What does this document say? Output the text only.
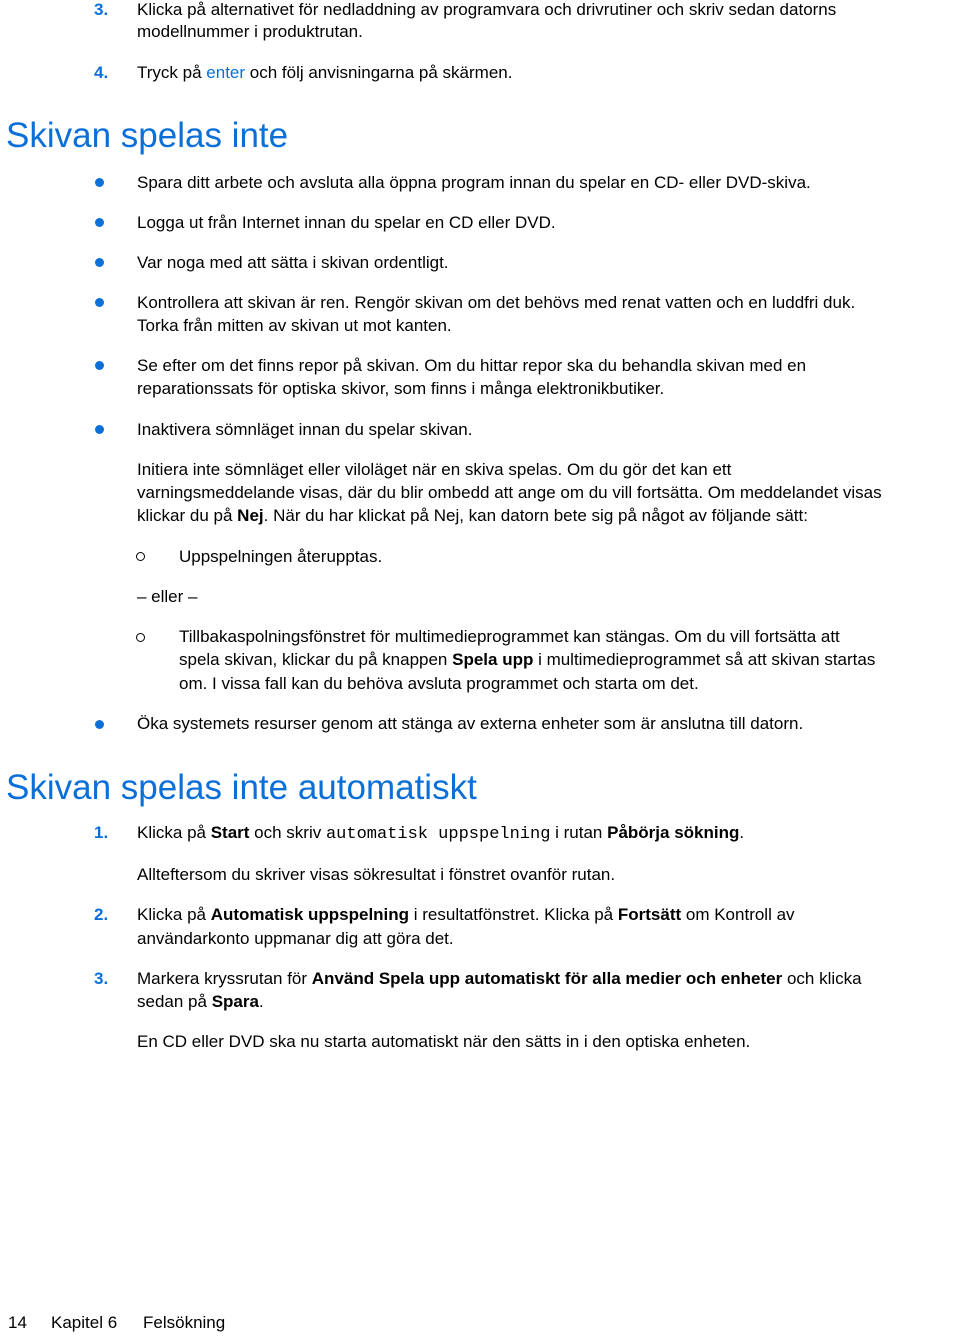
3. Klicka på alternativet för nedladdning av programvara och drivrutiner och skriv sedan datorns
modellnummer i produktrutan.
4. Tryck på enter och följ anvisningarna på skärmen.
Skivan spelas inte
Spara ditt arbete och avsluta alla öppna program innan du spelar en CD- eller DVD-skiva.
Logga ut från Internet innan du spelar en CD eller DVD.
Var noga med att sätta i skivan ordentligt.
Kontrollera att skivan är ren. Rengör skivan om det behövs med renat vatten och en luddfri duk.
Torka från mitten av skivan ut mot kanten.
Se efter om det finns repor på skivan. Om du hittar repor ska du behandla skivan med en
reparationssats för optiska skivor, som finns i många elektronikbutiker.
Inaktivera sömnläget innan du spelar skivan.
Initiera inte sömnläget eller viloläget när en skiva spelas. Om du gör det kan ett
varningsmeddelande visas, där du blir ombedd att ange om du vill fortsätta. Om meddelandet visas
klickar du på Nej. När du har klickat på Nej, kan datorn bete sig på något av följande sätt:
Uppspelningen återupptas.
– eller –
Tillbakaspolningsfönstret för multimedieprogrammet kan stängas. Om du vill fortsätta att
spela skivan, klickar du på knappen Spela upp i multimedieprogrammet så att skivan startas
om. I vissa fall kan du behöva avsluta programmet och starta om det.
Öka systemets resurser genom att stänga av externa enheter som är anslutna till datorn.
Skivan spelas inte automatiskt
1. Klicka på Start och skriv automatisk uppspelning i rutan Påbörja sökning.
Allteftersom du skriver visas sökresultat i fönstret ovanför rutan.
2. Klicka på Automatisk uppspelning i resultatfönstret. Klicka på Fortsätt om Kontroll av
användarkonto uppmanar dig att göra det.
3. Markera kryssrutan för Använd Spela upp automatiskt för alla medier och enheter och klicka
sedan på Spara.
En CD eller DVD ska nu starta automatiskt när den sätts in i den optiska enheten.
14 Kapitel 6 Felsökning
